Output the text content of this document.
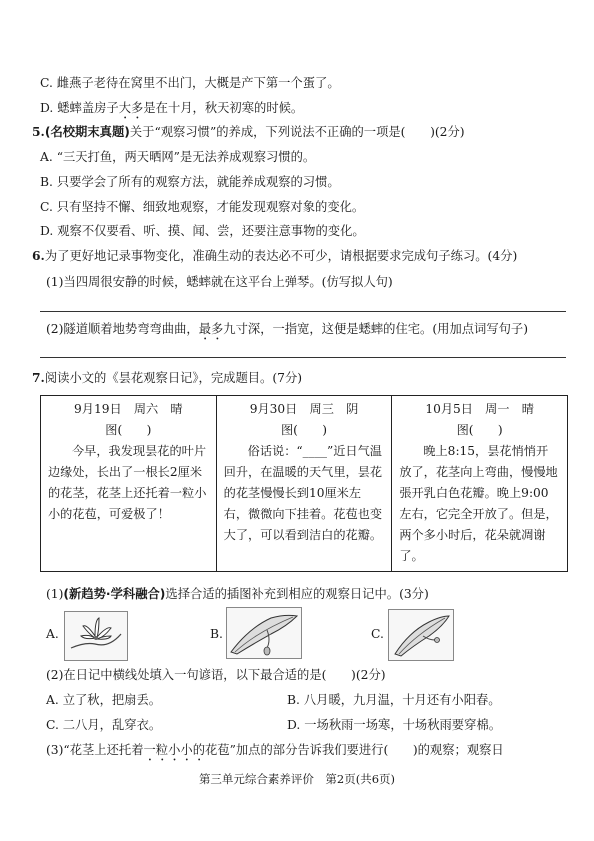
C. 雌燕子老待在窝里不出门，大概是产下第一个蛋了。
D. 蟋蟀盖房子大多是在十月，秋天初寒的时候。
5.(名校期末真题)关于“观察习惯”的养成，下列说法不正确的一项是(　　)(2分)
A. “三天打鱼，两天晒网”是无法养成观察习惯的。
B. 只要学会了所有的观察方法，就能养成观察的习惯。
C. 只有坚持不懈、细致地观察，才能发现观察对象的变化。
D. 观察不仅要看、听、摸、闻、尝，还要注意事物的变化。
6.为了更好地记录事物变化，准确生动的表达必不可少，请根据要求完成句子练习。(4分)
(1)当四周很安静的时候，蟋蟀就在这平台上弹琴。(仿写拟人句)
(2)隧道顺着地势弯弯曲曲，最多九寸深，一指宽，这便是蟋蟀的住宅。(用加点词写句子)
7.阅读小文的《昙花观察日记》，完成题目。(7分)
9月19日　周六　晴
图(　　)
今早，我发现昙花的叶片边缘处，长出了一根长2厘米的花茎，花茎上还托着一粒小小的花苞，可爱极了！

9月30日　周三　阴
图(　　)
俗话说：“____”近日气温回升，在温暖的天气里，昙花的花茎慢慢长到10厘米左右，微微向下挂着。花苞也变大了，可以看到洁白的花瓣。

10月5日　周一　晴
图(　　)
晚上8:15，昙花悄悄开放了，花茎向上弯曲，慢慢地張开乳白色花瓣。晚上9:00左右，它完全开放了。但是，两个多小时后，花朵就凋谢了。
(1)(新趋势·学科融合)选择合适的插图补充到相应的观察日记中。(3分)
A.	B.	C.
(2)在日记中横线处填入一句谚语，以下最合适的是(　　)(2分)
A. 立了秋，把扇丢。	B. 八月暖，九月温，十月还有小阳春。
C. 二八月，乱穿衣。	D. 一场秋雨一场寒，十场秋雨要穿棉。
(3)“花茎上还托着一粒小小的花苞”加点的部分告诉我们要进行(　　)的观察；观察日
第三单元综合素养评价　第2页(共6页)
